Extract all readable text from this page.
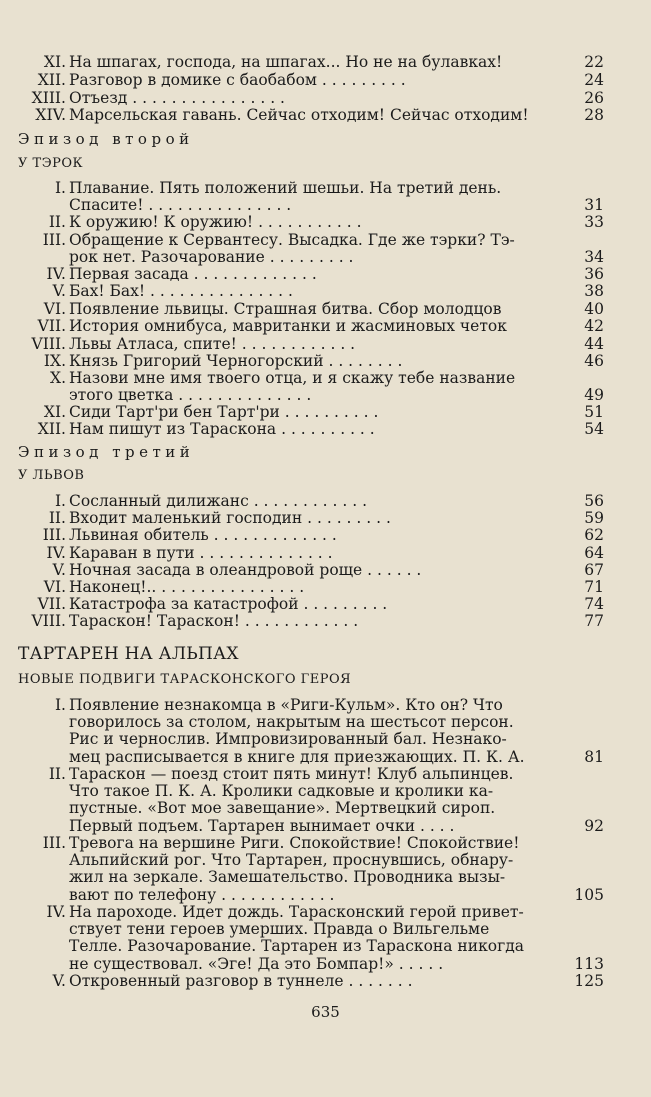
XI. На шпагах, господа, на шпагах... Но не на булавках!	22
XII. Разговор в домике с баобабом . . . . . . . . .	24
XIII. Отъезд . . . . . . . . . . . . . . . .	26
XIV. Марсельская гавань. Сейчас отходим! Сейчас отходим!	28
Эпизод второй
У ТЭРОК
I. Плавание. Пять положений шешьи. На третий день.
Спасите! . . . . . . . . . . . . . . .	31
II. К оружию! К оружию! . . . . . . . . . . .	33
III. Обращение к Сервантесу. Высадка. Где же тэрки? Тэ-
рок нет. Разочарование . . . . . . . . .	34
IV. Первая засада . . . . . . . . . . . . .	36
V. Бах! Бах! . . . . . . . . . . . . . . .	38
VI. Появление львицы. Страшная битва. Сбор молодцов	40
VII. История омнибуса, мавританки и жасминовых четок	42
VIII. Львы Атласа, спите! . . . . . . . . . . . .	44
IX. Князь Григорий Черногорский . . . . . . . .	46
X. Назови мне имя твоего отца, и я скажу тебе название
этого цветка . . . . . . . . . . . . . .	49
XI. Сиди Тарт'ри бен Тарт'ри . . . . . . . . . .	51
XII. Нам пишут из Тараскона . . . . . . . . . .	54
Эпизод третий
У ЛЬВОВ
I. Сосланный дилижанс . . . . . . . . . . . .	56
II. Входит маленький господин . . . . . . . . .	59
III. Львиная обитель . . . . . . . . . . . . .	62
IV. Караван в пути . . . . . . . . . . . . . .	64
V. Ночная засада в олеандровой роще . . . . . .	67
VI. Наконец!.. . . . . . . . . . . . . . . .	71
VII. Катастрофа за катастрофой . . . . . . . . .	74
VIII. Тараскон! Тараскон! . . . . . . . . . . . .	77
ТАРТАРЕН НА АЛЬПАХ
НОВЫЕ ПОДВИГИ ТАРАСКОНСКОГО ГЕРОЯ
I. Появление незнакомца в «Риги-Кульм». Кто он? Что
говорилось за столом, накрытым на шестьсот персон.
Рис и чернослив. Импровизированный бал. Незнако-
мец расписывается в книге для приезжающих. П. К. А.	81
II. Тараскон — поезд стоит пять минут! Клуб альпинцев.
Что такое П. К. А. Кролики садковые и кролики ка-
пустные. «Вот мое завещание». Мертвецкий сироп.
Первый подъем. Тартарен вынимает очки . . . .	92
III. Тревога на вершине Риги. Спокойствие! Спокойствие!
Альпийский рог. Что Тартарен, проснувшись, обнару-
жил на зеркале. Замешательство. Проводника вызы-
вают по телефону . . . . . . . . . . . .	105
IV. На пароходе. Идет дождь. Тарасконский герой привет-
ствует тени героев умерших. Правда о Вильгельме
Телле. Разочарование. Тартарен из Тараскона никогда
не существовал. «Эге! Да это Бомпар!» . . . . .	113
V. Откровенный разговор в туннеле . . . . . . .	125
635
